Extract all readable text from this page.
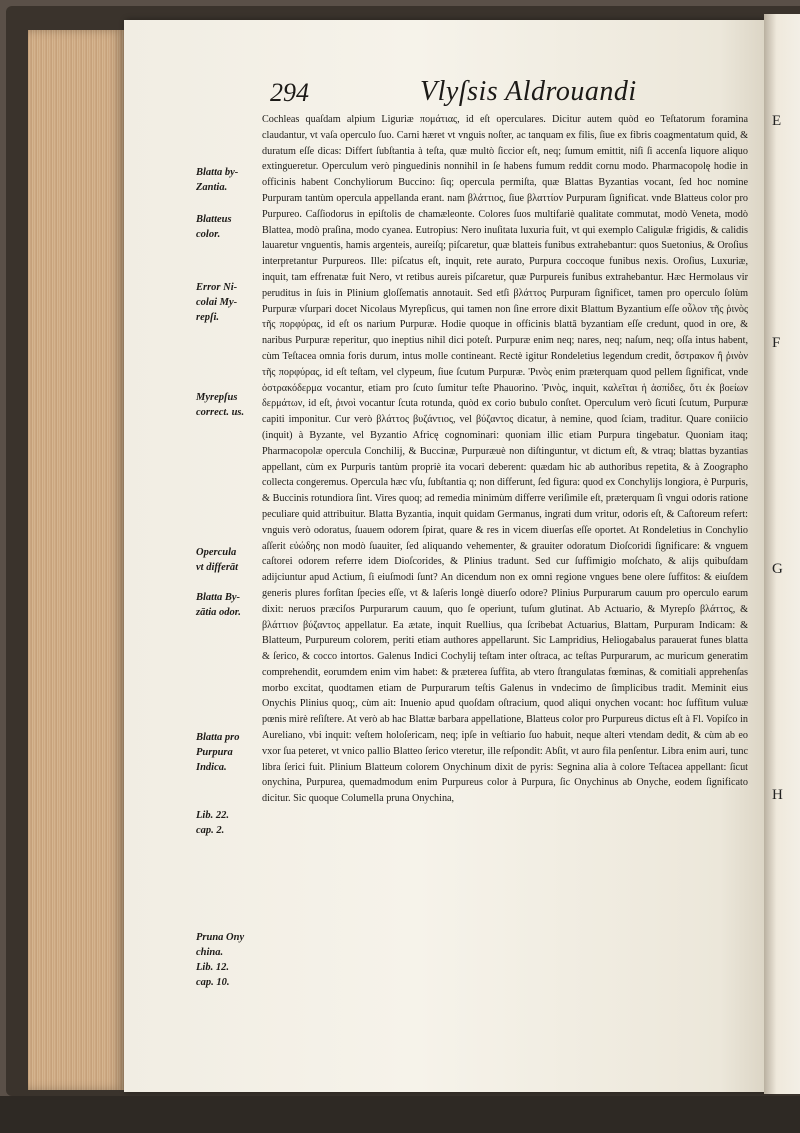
E
F
G
H
294	Vlyſsis Aldrouandi
Blatta by-
Zantia.
Blatteus
color.
Error Ni-
colai My-
repſi.
Myrepſus
correct. us.
Opercula
vt differāt
Blatta By-
zātia odor.
Blatta pro
Purpura
Indica.
Lib. 22.
cap. 2.
Pruna Ony
china.
Lib. 12.
cap. 10.

Cochleas quaſdam alpium Liguriæ πομάτιας, id eſt operculares. Dicitur autem quòd eo Teſtatorum foramina claudantur, vt vaſa operculo ſuo. Carni hæret vt vnguis noſter, ac tanquam ex filis, ſiue ex fibris coagmentatum quid, & duratum eſſe dicas: Differt ſubſtantia à teſta, quæ multò ſiccior eſt, neq; ſumum emittit, niſi ſi accenſa liquore aliquo extingueretur. Operculum verò pinguedinis nonnihil in ſe habens fumum reddit cornu modo. Pharmacopolę hodie in officinis habent Conchyliorum Buccino: ſiq; opercula permiſta, quæ Blattas Byzantias vocant, ſed hoc nomine Purpuram tantùm opercula appellanda erant. nam βλάττιος, ſiue βλαττίον Purpuram ſignificat. vnde Blatteus color pro Purpureo. Caſſiodorus in epiſtolis de chamæleonte. Colores ſuos multifariè qualitate commutat, modò Veneta, modò Blattea, modò praſina, modo cyanea. Eutropius: Nero inuſitata luxuria fuit, vt qui exemplo Caligulæ frigidis, & calidis lauaretur vnguentis, hamis argenteis, aureiſq; piſcaretur, quæ blatteis funibus extrahebantur: quos Suetonius, & Oroſius interpretantur Purpureos. Ille: piſcatus eſt, inquit, rete aurato, Purpura coccoque funibus nexis. Oroſius, Luxuriæ, inquit, tam effrenatæ fuit Nero, vt retibus aureis piſcaretur, quæ Purpureis funibus extrahebantur. Hæc Hermolaus vir peruditus in ſuis in Plinium gloſſematis annotauit. Sed etſi βλάττος Purpuram ſignificet, tamen pro operculo ſolùm Purpuræ vſurpari docet Nicolaus Myrepſicus, qui tamen non ſine errore dixit Blattum Byzantium eſſe οὖλον τῆς ῥινὸς τῆς πορφύρας, id eſt os narium Purpuræ. Hodie quoque in officinis blattā byzantiam eſſe credunt, quod in ore, & naribus Purpuræ reperitur, quo ineptius nihil dici poteſt. Purpuræ enim neq; nares, neq; naſum, neq; oſſa intus habent, cùm Teſtacea omnia foris durum, intus molle contineant. Rectè igitur Rondeletius legendum credit, ὄστρακον ἢ ῥινὸν τῆς πορφύρας, id eſt teſtam, vel clypeum, ſiue ſcutum Purpuræ. Ῥινὸς enim præterquam quod pellem ſignificat, vnde ὀστρακόδερμα vocantur, etiam pro ſcuto ſumitur teſte Phauorino. Ῥινὸς, inquit, καλεῖται ἡ ἀσπίδες, ὅτι ἐκ βοείων δερμάτων, id eſt, ῥινοὶ vocantur ſcuta rotunda, quòd ex corio bubulo conſtet. Operculum verò ſicuti ſcutum, Purpuræ capiti imponitur. Cur verò βλάττος βυζάντιος, vel βύζαντος dicatur, à nemine, quod ſciam, traditur. Quare coniicio (inquit) à Byzante, vel Byzantio Africę cognominari: quoniam illic etiam Purpura tingebatur. Quoniam itaq; Pharmacopolæ opercula Conchilij, & Buccinæ, Purpuræuè non diſtinguntur, vt dictum eſt, & vtraq; blattas byzantias appellant, cùm ex Purpuris tantùm propriè ita vocari deberent: quædam hic ab authoribus repetita, & à Zoographo collecta congeremus. Opercula hæc vſu, ſubſtantia q; non differunt, ſed figura: quod ex Conchylijs longiora, è Purpuris, & Buccinis rotundiora ſint. Vires quoq; ad remedia minimùm differre veriſimile eſt, præterquam ſi vngui odoris ratione peculiare quid attribuitur. Blatta Byzantia, inquit quidam Germanus, ingrati dum vritur, odoris eſt, & Caſtoreum refert: vnguis verò odoratus, ſuauem odorem ſpirat, quare & res in vicem diuerſas eſſe oportet. At Rondeletius in Conchylio aſſerit εὐώδης non modò ſuauiter, ſed aliquando vehementer, & grauiter odoratum Dioſcoridi ſignificare: & vnguem caſtorei odorem referre idem Dioſcorides, & Plinius tradunt. Sed cur ſuffimigio moſchato, & alijs quibuſdam adijciuntur apud Actium, ſi eiuſmodi ſunt? An dicendum non ex omni regione vngues bene olere ſuffitos: & eiuſdem generis plures forſitan ſpecies eſſe, vt & laſeris longè diuerſo odore? Plinius Purpurarum cauum pro operculo earum dixit: neruos præciſos Purpurarum cauum, quo ſe operiunt, tuſum glutinat. Ab Actuario, & Myrepſo βλάττος, & βλάττιον βύζαντος appellatur. Ea ætate, inquit Ruellius, qua ſcribebat Actuarius, Blattam, Purpuram Indicam: & Blatteum, Purpureum colorem, periti etiam authores appellarunt. Sic Lampridius, Heliogabalus parauerat funes blatta & ſerico, & cocco intortos. Galenus Indici Cochylij teſtam inter oſtraca, ac teſtas Purpurarum, ac muricum generatim comprehendit, eorumdem enim vim habet: & præterea ſuffita, ab vtero ſtrangulatas fœminas, & comitiali apprehenſas morbo excitat, quodtamen etiam de Purpurarum teſtis Galenus in vndecimo de ſimplicibus tradit. Meminit eius Onychis Plinius quoq;, cùm ait: Inuenio apud quoſdam oſtracium, quod aliqui onychen vocant: hoc ſuffitum vuluæ pœnis mirè reſiſtere. At verò ab hac Blattæ barbara appellatione, Blatteus color pro Purpureus dictus eſt à Fl. Vopiſco in Aureliano, vbi inquit: veſtem holoſericam, neq; ipſe in veſtiario ſuo habuit, neque alteri vtendam dedit, & cùm ab eo vxor ſua peteret, vt vnico pallio Blatteo ſerico vteretur, ille reſpondit: Abſit, vt auro fila penſentur. Libra enim auri, tunc libra ſerici fuit. Plinium Blatteum colorem Onychinum dixit de pyris: Segnina alia à colore Teſtacea appellant: ſicut onychina, Purpurea, quemadmodum enim Purpureus color à Purpura, ſic Onychinus ab Onyche, eodem ſignificato dicitur. Sic quoque Columella pruna Onychina,
